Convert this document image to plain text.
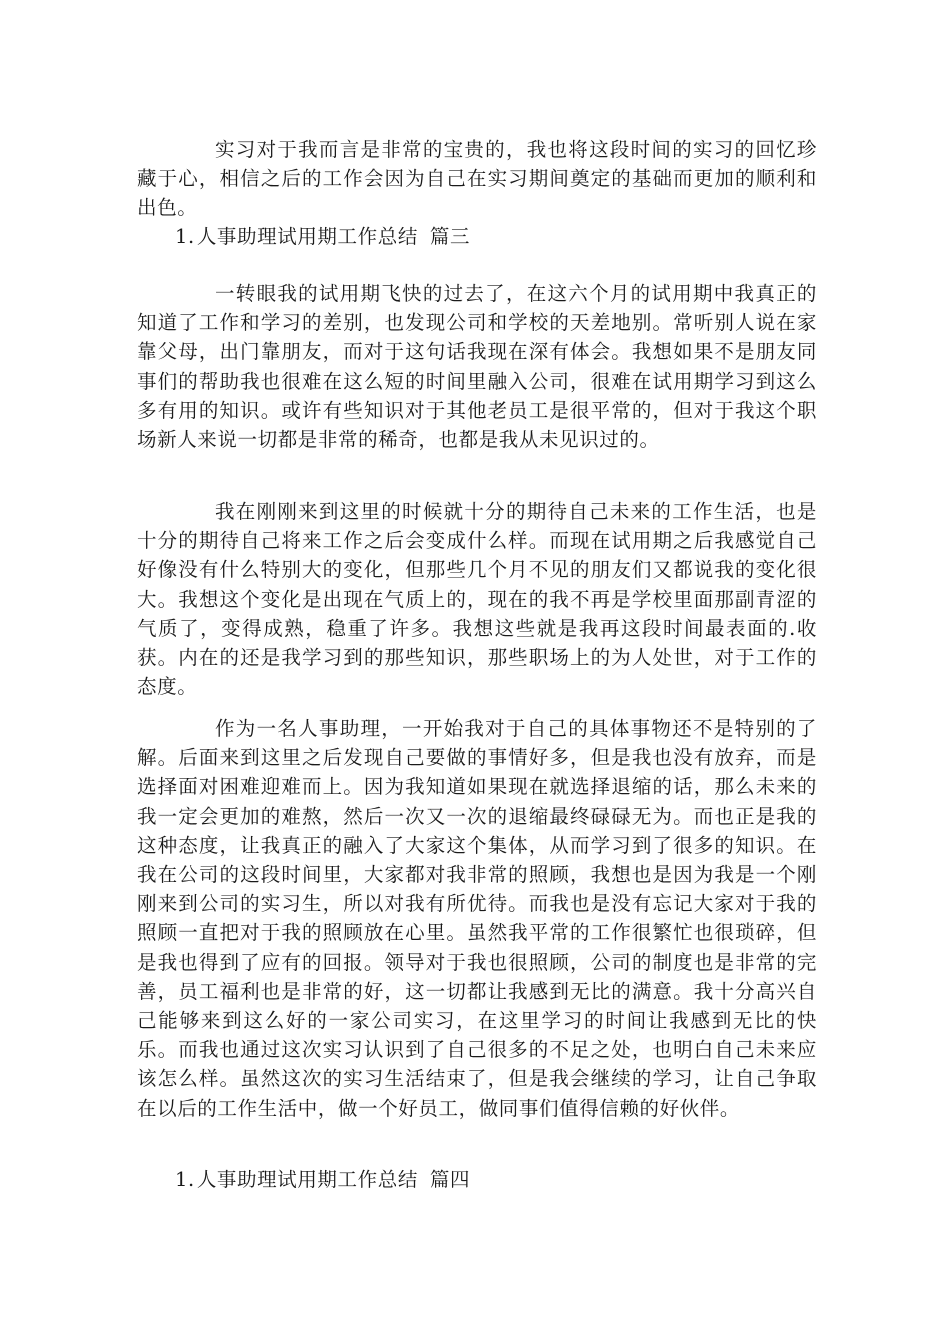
实习对于我而言是非常的宝贵的，我也将这段时间的实习的回忆珍藏于心，相信之后的工作会因为自己在实习期间奠定的基础而更加的顺利和出色。

1. 人事助理试用期工作总结 篇三

一转眼我的试用期飞快的过去了，在这六个月的试用期中我真正的知道了工作和学习的差别，也发现公司和学校的天差地别。常听别人说在家靠父母，出门靠朋友，而对于这句话我现在深有体会。我想如果不是朋友同事们的帮助我也很难在这么短的时间里融入公司，很难在试用期学习到这么多有用的知识。或许有些知识对于其他老员工是很平常的，但对于我这个职场新人来说一切都是非常的稀奇，也都是我从未见识过的。

我在刚刚来到这里的时候就十分的期待自己未来的工作生活，也是十分的期待自己将来工作之后会变成什么样。而现在试用期之后我感觉自己好像没有什么特别大的变化，但那些几个月不见的朋友们又都说我的变化很大。我想这个变化是出现在气质上的，现在的我不再是学校里面那副青涩的气质了，变得成熟，稳重了许多。我想这些就是我再这段时间最表面的.收获。内在的还是我学习到的那些知识，那些职场上的为人处世，对于工作的态度。

作为一名人事助理，一开始我对于自己的具体事物还不是特别的了解。后面来到这里之后发现自己要做的事情好多，但是我也没有放弃，而是选择面对困难迎难而上。因为我知道如果现在就选择退缩的话，那么未来的我一定会更加的难熬，然后一次又一次的退缩最终碌碌无为。而也正是我的这种态度，让我真正的融入了大家这个集体，从而学习到了很多的知识。在我在公司的这段时间里，大家都对我非常的照顾，我想也是因为我是一个刚刚来到公司的实习生，所以对我有所优待。而我也是没有忘记大家对于我的照顾一直把对于我的照顾放在心里。虽然我平常的工作很繁忙也很琐碎，但是我也得到了应有的回报。领导对于我也很照顾，公司的制度也是非常的完善，员工福利也是非常的好，这一切都让我感到无比的满意。我十分高兴自己能够来到这么好的一家公司实习，在这里学习的时间让我感到无比的快乐。而我也通过这次实习认识到了自己很多的不足之处，也明白自己未来应该怎么样。虽然这次的实习生活结束了，但是我会继续的学习，让自己争取在以后的工作生活中，做一个好员工，做同事们值得信赖的好伙伴。

1. 人事助理试用期工作总结 篇四
